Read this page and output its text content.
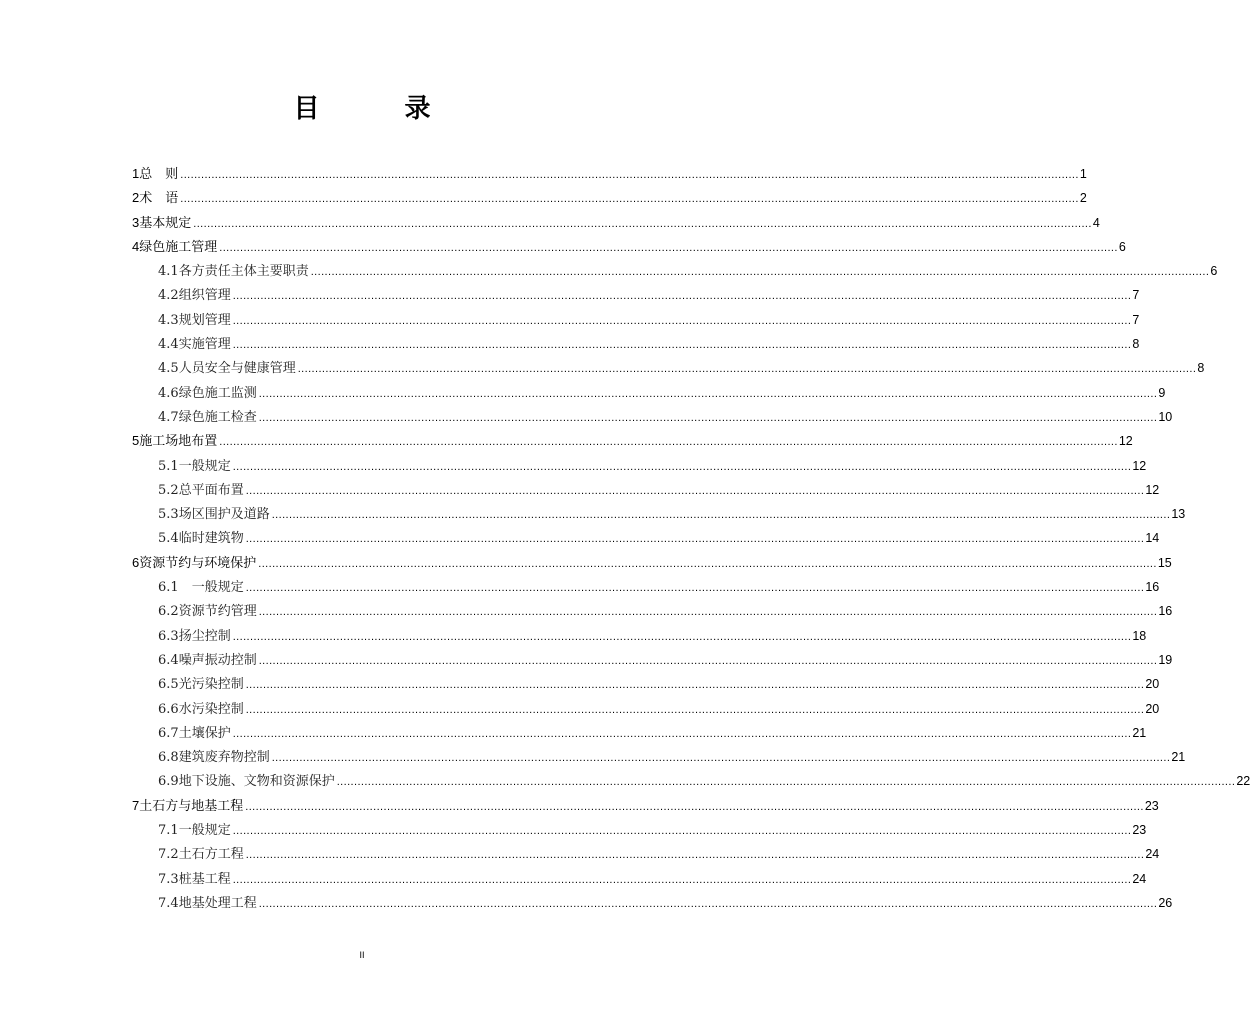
目 录
1 总　则 .................................................................................................................................................................................................................................................................... 1
2 术　语 .................................................................................................................................................................................................................................................................... 2
3 基本规定 .................................................................................................................................................................................................................................................................... 4
4 绿色施工管理 .................................................................................................................................................................................................................................................................... 6
4.1 各方责任主体主要职责 .................................................................................................................................................................................................................................................................... 6
4.2 组织管理 .................................................................................................................................................................................................................................................................... 7
4.3 规划管理 .................................................................................................................................................................................................................................................................... 7
4.4 实施管理 .................................................................................................................................................................................................................................................................... 8
4.5 人员安全与健康管理 .................................................................................................................................................................................................................................................................... 8
4.6 绿色施工监测 .................................................................................................................................................................................................................................................................... 9
4.7 绿色施工检查 .................................................................................................................................................................................................................................................................... 10
5 施工场地布置 .................................................................................................................................................................................................................................................................... 12
5.1 一般规定 .................................................................................................................................................................................................................................................................... 12
5.2 总平面布置 .................................................................................................................................................................................................................................................................... 12
5.3 场区围护及道路 .................................................................................................................................................................................................................................................................... 13
5.4 临时建筑物 .................................................................................................................................................................................................................................................................... 14
6 资源节约与环境保护 .................................................................................................................................................................................................................................................................... 15
6.1 　一般规定 .................................................................................................................................................................................................................................................................... 16
6.2 资源节约管理 .................................................................................................................................................................................................................................................................... 16
6.3 扬尘控制 .................................................................................................................................................................................................................................................................... 18
6.4 噪声振动控制 .................................................................................................................................................................................................................................................................... 19
6.5 光污染控制 .................................................................................................................................................................................................................................................................... 20
6.6 水污染控制 .................................................................................................................................................................................................................................................................... 20
6.7 土壤保护 .................................................................................................................................................................................................................................................................... 21
6.8 建筑废弃物控制 .................................................................................................................................................................................................................................................................... 21
6.9 地下设施、文物和资源保护 .................................................................................................................................................................................................................................................................... 22
7 土石方与地基工程 .................................................................................................................................................................................................................................................................... 23
7.1 一般规定 .................................................................................................................................................................................................................................................................... 23
7.2 土石方工程 .................................................................................................................................................................................................................................................................... 24
7.3 桩基工程 .................................................................................................................................................................................................................................................................... 24
7.4 地基处理工程 .................................................................................................................................................................................................................................................................... 26
II
